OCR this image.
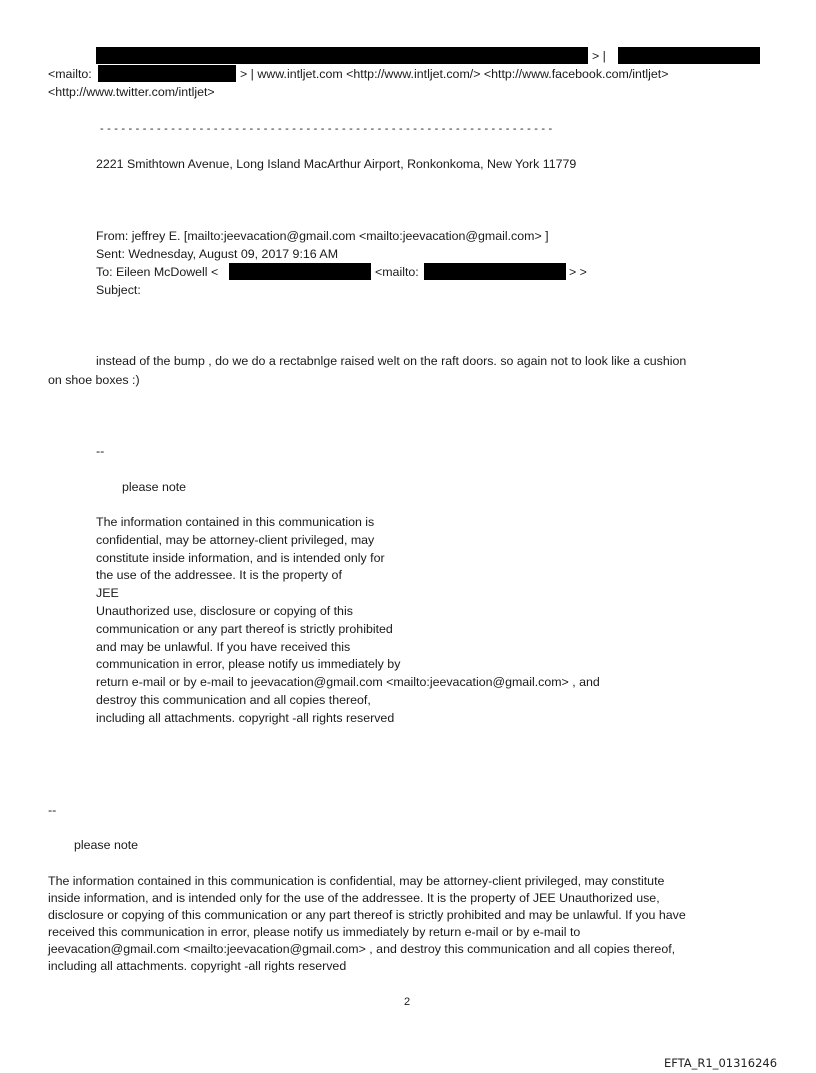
> |
<mailto:	> | www.intljet.com <http://www.intljet.com/> <http://www.facebook.com/intljet>
<http://www.twitter.com/intljet>
- - - - - - - - - - - - - - - - - - - - - - - - - - - - - - - - - - - - - - - - - - - - - - - - - - - - - - - - - - - - - - - -
2221 Smithtown Avenue, Long Island MacArthur Airport, Ronkonkoma, New York 11779
From: jeffrey E. [mailto:jeevacation@gmail.com <mailto:jeevacation@gmail.com> ]
Sent: Wednesday, August 09, 2017 9:16 AM
To: Eileen McDowell <	<mailto:	> >
Subject:
instead of the bump , do we do a rectabnlge raised welt on the raft doors. so again not to look like a cushion
on shoe boxes :)
--
please note
The information contained in this communication is
confidential, may be attorney-client privileged, may
constitute inside information, and is intended only for
the use of the addressee. It is the property of
JEE
Unauthorized use, disclosure or copying of this
communication or any part thereof is strictly prohibited
and may be unlawful. If you have received this
communication in error, please notify us immediately by
return e-mail or by e-mail to jeevacation@gmail.com <mailto:jeevacation@gmail.com> , and
destroy this communication and all copies thereof,
including all attachments. copyright -all rights reserved
--
please note
The information contained in this communication is confidential, may be attorney-client privileged, may constitute
inside information, and is intended only for the use of the addressee. It is the property of JEE Unauthorized use,
disclosure or copying of this communication or any part thereof is strictly prohibited and may be unlawful. If you have
received this communication in error, please notify us immediately by return e-mail or by e-mail to
jeevacation@gmail.com <mailto:jeevacation@gmail.com> , and destroy this communication and all copies thereof,
including all attachments. copyright -all rights reserved
2
EFTA_R1_01316246
